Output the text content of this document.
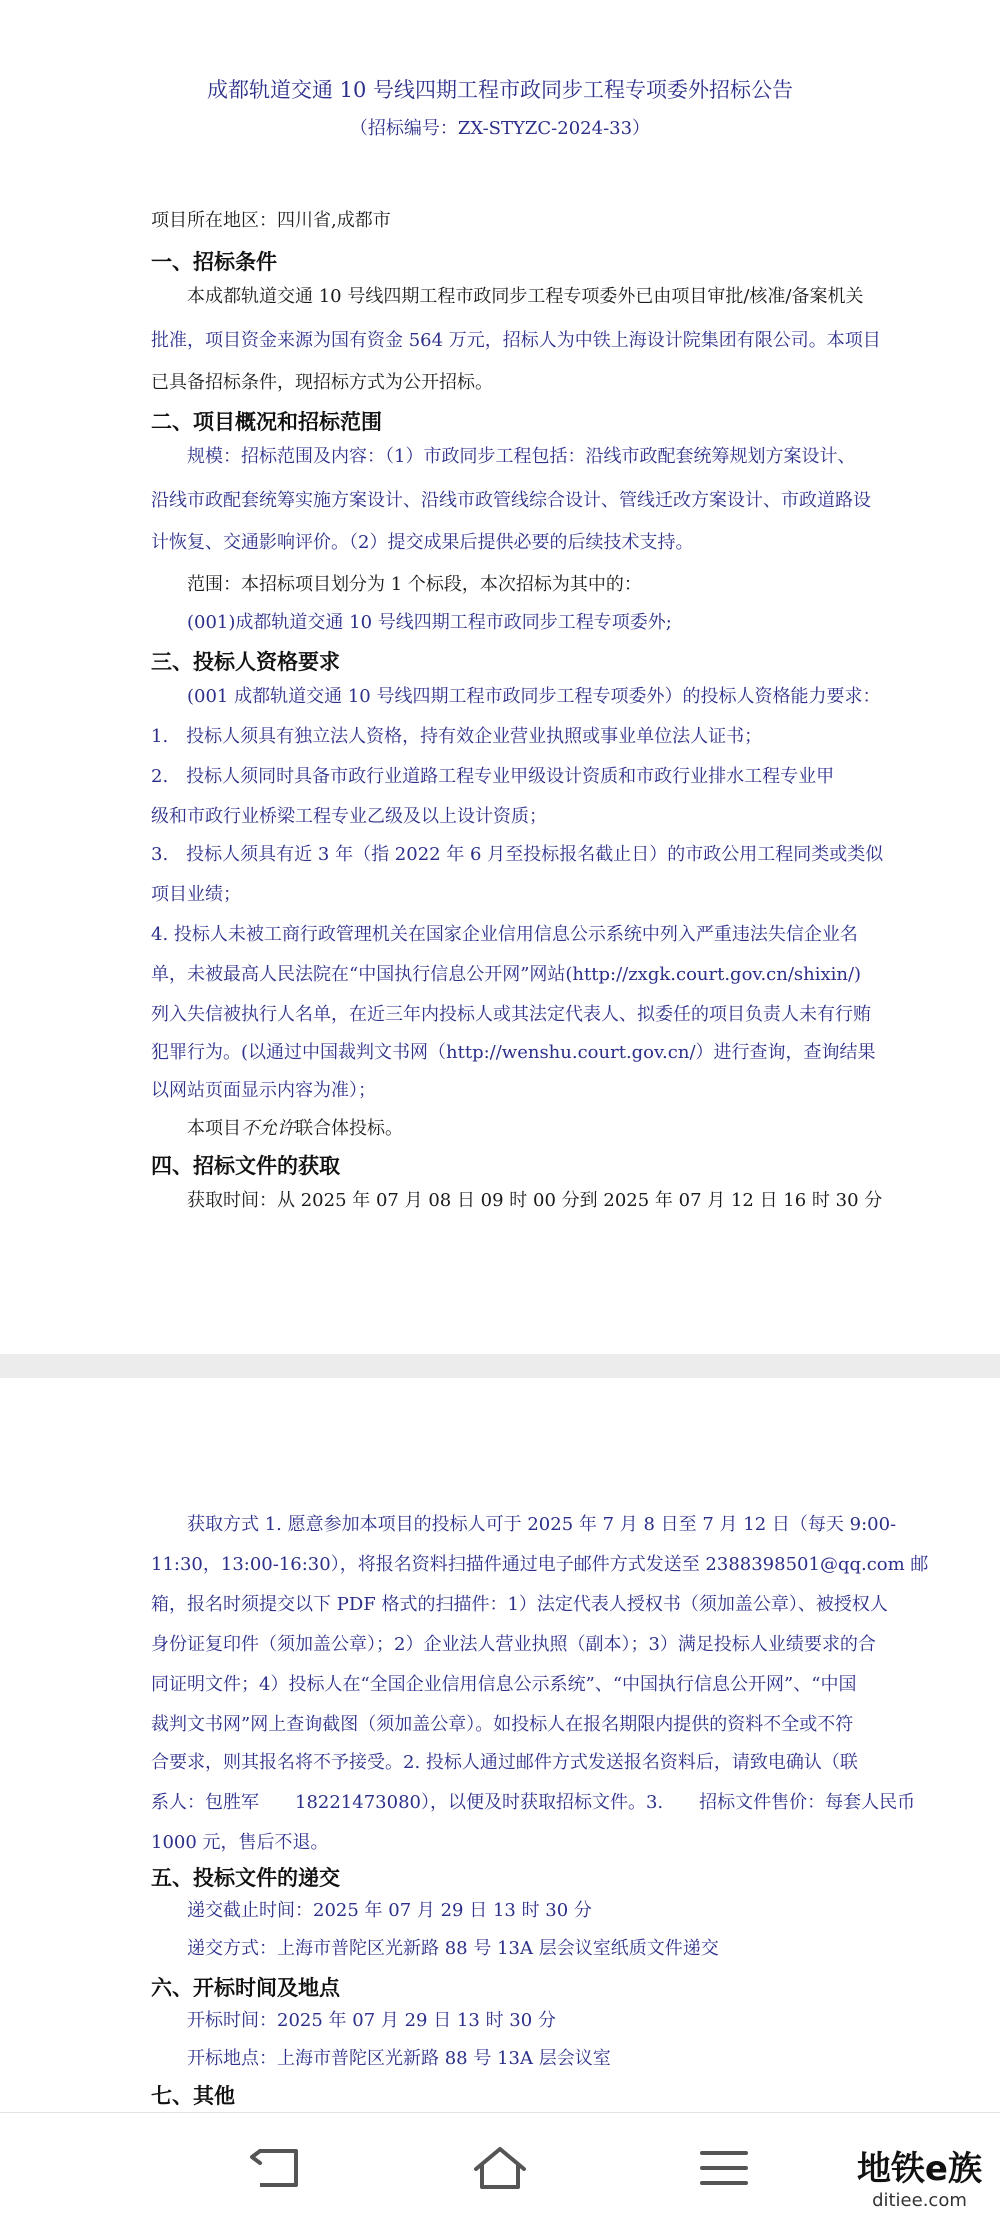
成都轨道交通 10 号线四期工程市政同步工程专项委外招标公告
（招标编号：ZX-STYZC-2024-33）
项目所在地区：四川省,成都市
一、招标条件
本成都轨道交通 10 号线四期工程市政同步工程专项委外已由项目审批/核准/备案机关
批准，项目资金来源为国有资金 564 万元，招标人为中铁上海设计院集团有限公司。本项目
已具备招标条件，现招标方式为公开招标。
二、项目概况和招标范围
规模：招标范围及内容：（1）市政同步工程包括：沿线市政配套统筹规划方案设计、
沿线市政配套统筹实施方案设计、沿线市政管线综合设计、管线迁改方案设计、市政道路设
计恢复、交通影响评价。（2）提交成果后提供必要的后续技术支持。
范围：本招标项目划分为 1 个标段，本次招标为其中的：
(001)成都轨道交通 10 号线四期工程市政同步工程专项委外;
三、投标人资格要求
(001 成都轨道交通 10 号线四期工程市政同步工程专项委外）的投标人资格能力要求：
1.　投标人须具有独立法人资格，持有效企业营业执照或事业单位法人证书；
2.　投标人须同时具备市政行业道路工程专业甲级设计资质和市政行业排水工程专业甲
级和市政行业桥梁工程专业乙级及以上设计资质；
3.　投标人须具有近 3 年（指 2022 年 6 月至投标报名截止日）的市政公用工程同类或类似
项目业绩；
4. 投标人未被工商行政管理机关在国家企业信用信息公示系统中列入严重违法失信企业名
单，未被最高人民法院在“中国执行信息公开网”网站(http://zxgk.court.gov.cn/shixin/)
列入失信被执行人名单，在近三年内投标人或其法定代表人、拟委任的项目负责人未有行贿
犯罪行为。(以通过中国裁判文书网（http://wenshu.court.gov.cn/）进行查询，查询结果
以网站页面显示内容为准）；
本项目不允许联合体投标。
四、招标文件的获取
获取时间：从 2025 年 07 月 08 日 09 时 00 分到 2025 年 07 月 12 日 16 时 30 分
获取方式 1. 愿意参加本项目的投标人可于 2025 年 7 月 8 日至 7 月 12 日（每天 9:00-
11:30，13:00-16:30），将报名资料扫描件通过电子邮件方式发送至 2388398501@qq.com 邮
箱，报名时须提交以下 PDF 格式的扫描件：1）法定代表人授权书（须加盖公章）、被授权人
身份证复印件（须加盖公章）；2）企业法人营业执照（副本）；3）满足投标人业绩要求的合
同证明文件；4）投标人在“全国企业信用信息公示系统”、“中国执行信息公开网”、“中国
裁判文书网”网上查询截图（须加盖公章）。如投标人在报名期限内提供的资料不全或不符
合要求，则其报名将不予接受。2. 投标人通过邮件方式发送报名资料后，请致电确认（联
系人：包胜军　　18221473080），以便及时获取招标文件。3.　　招标文件售价：每套人民币
1000 元，售后不退。
五、投标文件的递交
递交截止时间：2025 年 07 月 29 日 13 时 30 分
递交方式：上海市普陀区光新路 88 号 13A 层会议室纸质文件递交
六、开标时间及地点
开标时间：2025 年 07 月 29 日 13 时 30 分
开标地点：上海市普陀区光新路 88 号 13A 层会议室
七、其他
地铁e族
ditiee.com
